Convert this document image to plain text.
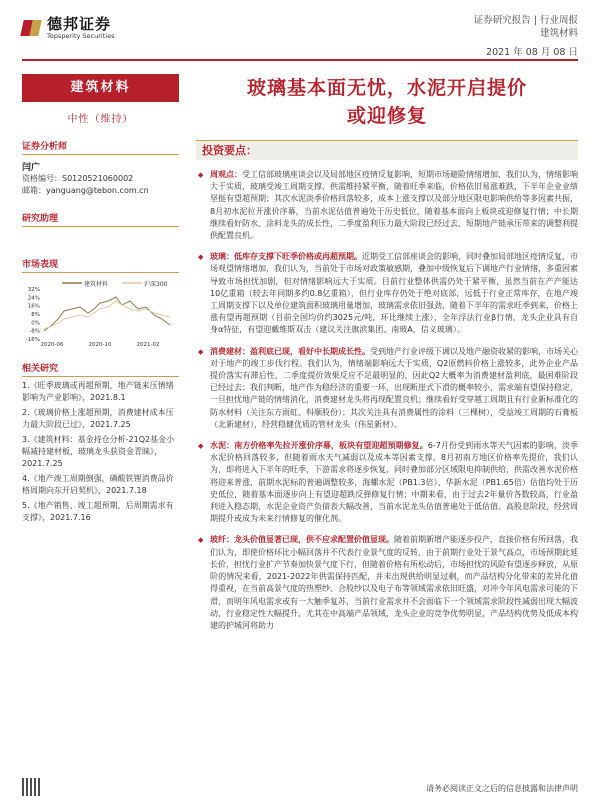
德邦证券
Topsperity Securities
证券研究报告 | 行业周报
建筑材料
2021 年 08 月 08 日
建筑材料
中性（维持）
证券分析师
闫广
资格编号：S0120521060002
邮箱：yanguang@tebon.com.cn
研究助理
市场表现
-16%
-8%
0%
8%
16%
24%
32%
2020-06	2020-10	2021-02
建筑材料	沪深300
相关研究
1.《旺季玻璃或再超预期，地产链来压情绪影响为产业影响》，2021.8.1
2.《玻璃价格上涨超预期，消费建材成本压力最大阶段已过》，2021.7.25
3.《建筑材料：基金持仓分析-21Q2基金小幅减持建材板，玻璃龙头获资金青睐》，2021.7.25
4.《地产竣工周期倒强，磷酸铁锂消费品价格周期向东开启契机》，2021.7.18
5.《地产销售、竣工超预期，后周期需求有支撑》，2021.7.16
玻璃基本面无忧，水泥开启提价
或迎修复
投资要点：
◆ 周观点：受工信部玻璃座谈会以及局部地区疫情反复影响，短期市场避险情绪增加，我们认为，情绪影响大于实质，玻璃受竣工周期支撑，供需维持紧平衡，随着旺季来临，价格依旧易涨难跌，下半年企业业绩坚挺有望超预期；其次水泥淡季价格回落较多，成本上涨支撑以及部分地区限电影响供给等多因素共振，8月初水泥拉开涨价序幕，当前水泥估值普遍处于历史低位，随着基本面向上板块或迎修复行情；中长期继续看好防水、涂料龙头的成长性，二季度盈利压力最大阶段已经过去，短期地产链承压带来的调整利提供配置良机。
◆ 玻璃：低库存支撑下旺季价格或再超预期。近期受工信部座谈会的影响，同时叠加局部地区疫情反复，市场观望情绪增加，我们认为，当前处于市场对政策敏感期，叠加中级恢复后下调地产行业情绪，多重因素导致市场担忧加剧，但对情绪影响远大于实质。目前行业整体供需仍处于紧平衡，虽然当前在产产能达10亿重箱（较去年同期多约0.8亿重箱），但行业库存仍处于绝对底部，远低于行业正常库存，在地产竣工周期支撑下以及单位建筑面积玻璃用量增加，玻璃需求依旧强劲，随着下半年的需求旺季到来，价格上涨有望再超预期（目前全国均价约3025元/吨，环比继续上涨），全年浮法行业β行情，龙头企业具有自身α特征，有望迎戴维斯双击（建议关注旗滨集团、南玻A、信义玻璃）。
◆ 消费建材：盈利底已现，看好中长期成长性。受到地产行业评级下调以及地产融资收紧的影响，市场关心对于地产的竣工步伐行程。我们认为，情绪端影响远大于实质，Q2原燃料价格上涨较多，此外企业产品提价落实有滞后性，二季度提价效果反应不足最明显的，因此Q2大概率为消费建材盈利底，最困难阶段已经过去；我们判断，地产作为稳经济的重要一环，出现断崖式下滑的概率较小，需求端有望保持稳定，一旦担忧地产链的情绪消化，消费建材龙头将再现配置良机；继续看好受穿越工周期且有行业新标准化的防水材料（关注东方雨虹、科顺股份）；其次关注具有消费属性的涂料（三棵树），受益竣工周期的石膏板（北新建材），经营稳健优质的管材龙头（伟星新材）。
◆ 水泥：南方价格率先拉开涨价序幕，板块有望迎超预期修复。6-7月份受到雨水等天气因素的影响，淡季水泥价格回落较多，但随着雨水天气减弱以及成本等因素支撑，8月初南方地区价格率先提价，我们认为，即将进入下半年的旺季，下游需求将逐步恢复，同时叠加部分区域限电抑制供给，供需改善水泥价格将迎来普涨，前期水泥标的普遍调整较多，海螺水泥（PB1.3倍）、华新水泥（PB1.65倍）估值均处于历史低位，随着基本面逐步向上有望迎超跌反弹修复行情；中期来看，由于过去2年量价各数较高，行业盈利进入稳态期，水泥企业资产负债表大幅改善，当前水泥龙头估值普遍处于低估值、高股息阶段，经营周期提升或成为未来行情修复的催化剂。
◆ 玻纤：龙头价值显著已现，供不应求配置价值显现。随着前期新增产能逐步投产，直接价格有所回落，我们认为，即使价格环比小幅回落并不代表行业景气度的反转，由于前期行业处于景气高点，市场预期此延长价，担忧行业扩产节奏加快景气度下行，但随着价格有所松动后，市场担忧的风险有望逐步释放，从原阶的情况来看，2021-2022年供需保持匹配，并未出现供给明显过剩，而产品结构分化带来的差异化值得重视，在当前高景气度的热塑纱、合股纱以及电子布等领域需求依旧旺盛，对冲今年风电需求可能的下滑，而明年风电需求或有一大触季复苏，当前行业需求并不会面临下一个领域需求阶段性减弱出现大幅波动，行业稳定性大幅提升，尤其在中高端产品领域，龙头企业的竞争优势明显，产品结构优势及低成本构建的护城河将助力
请务必阅读正文之后的信息披露和法律声明
